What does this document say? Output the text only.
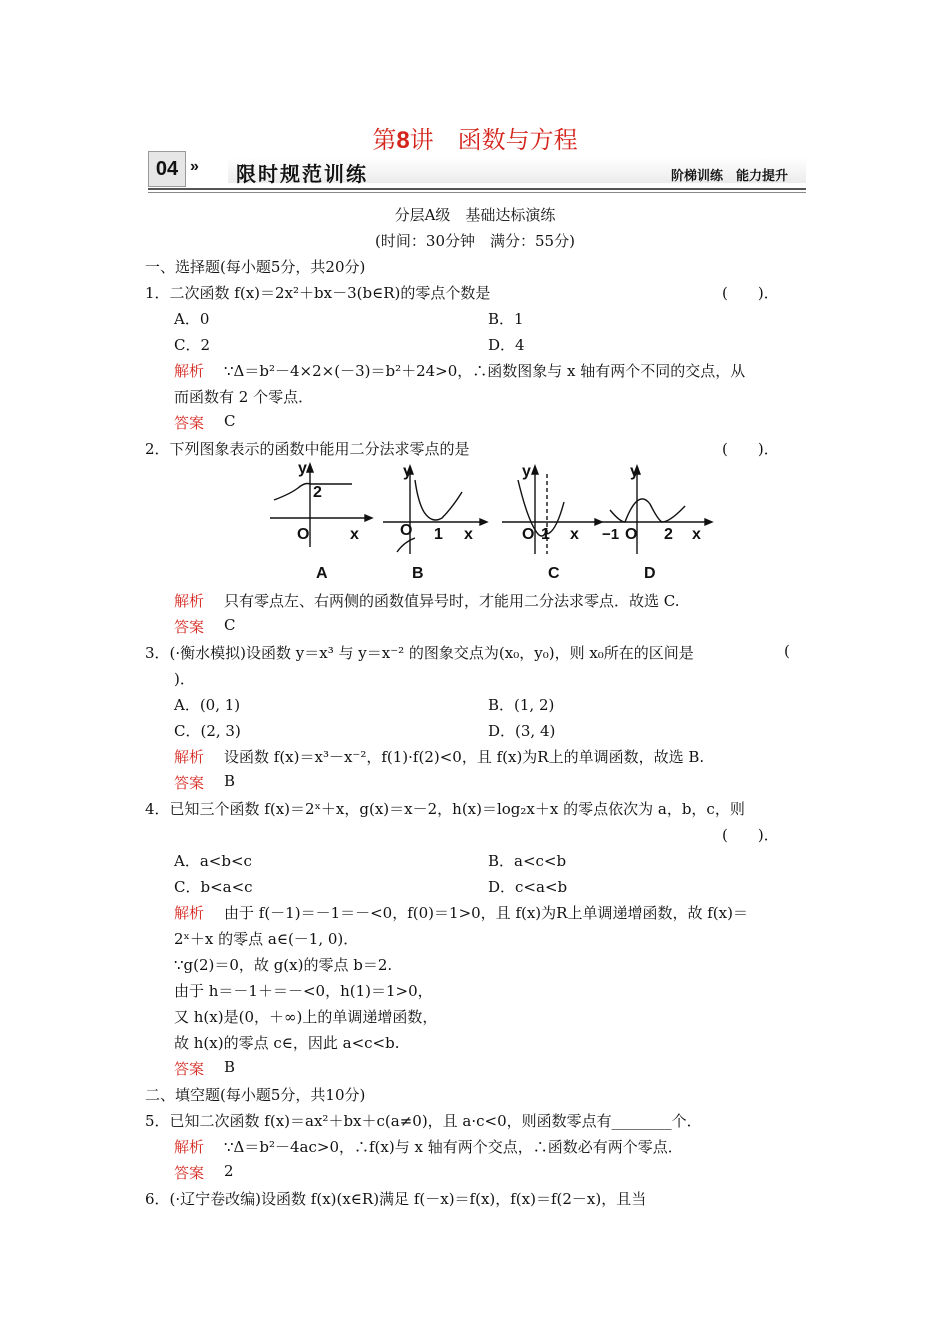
第8讲　函数与方程
04 » 限时规范训练	阶梯训练　能力提升
分层A级　基础达标演练
(时间：30分钟　满分：55分)
一、选择题(每小题5分，共20分)
1．二次函数 f(x)＝2x²＋bx－3(b∈R)的零点个数是	(　　)．
A．0	B．1
C．2	D．4
解析 ∵Δ＝b²－4×2×(－3)＝b²＋24>0，∴函数图象与 x 轴有两个不同的交点，从
而函数有 2 个零点．
答案 C
2．下列图象表示的函数中能用二分法求零点的是	(　　)．
y
2
O	x
y
O 1 x
y
O 1 x
y
−1 O 2 x
A	B	C	D
解析 只有零点左、右两侧的函数值异号时，才能用二分法求零点．故选 C.
答案 C
3．(·衡水模拟)设函数 y＝x³ 与 y＝x⁻² 的图象交点为(x₀，y₀)，则 x₀所在的区间是	(
)．
A．(0, 1)	B．(1, 2)
C．(2, 3)	D．(3, 4)
解析 设函数 f(x)＝x³－x⁻²，f(1)·f(2)<0，且 f(x)为R上的单调函数，故选 B.
答案 B
4．已知三个函数 f(x)＝2ˣ＋x，g(x)＝x－2，h(x)＝log₂x＋x 的零点依次为 a，b，c，则
(　　)．
A．a<b<c	B．a<c<b
C．b<a<c	D．c<a<b
解析 由于 f(－1)＝－1＝－<0，f(0)＝1>0，且 f(x)为R上单调递增函数，故 f(x)＝
2ˣ＋x 的零点 a∈(－1, 0)．
∵g(2)＝0，故 g(x)的零点 b＝2.
由于 h＝－1＋＝－<0，h(1)＝1>0，
又 h(x)是(0，＋∞)上的单调递增函数，
故 h(x)的零点 c∈，因此 a<c<b.
答案 B
二、填空题(每小题5分，共10分)
5．已知二次函数 f(x)＝ax²＋bx＋c(a≠0)，且 a·c<0，则函数零点有________个．
解析 ∵Δ＝b²－4ac>0，∴f(x)与 x 轴有两个交点，∴函数必有两个零点．
答案 2
6．(·辽宁卷改编)设函数 f(x)(x∈R)满足 f(－x)＝f(x)，f(x)＝f(2－x)，且当
